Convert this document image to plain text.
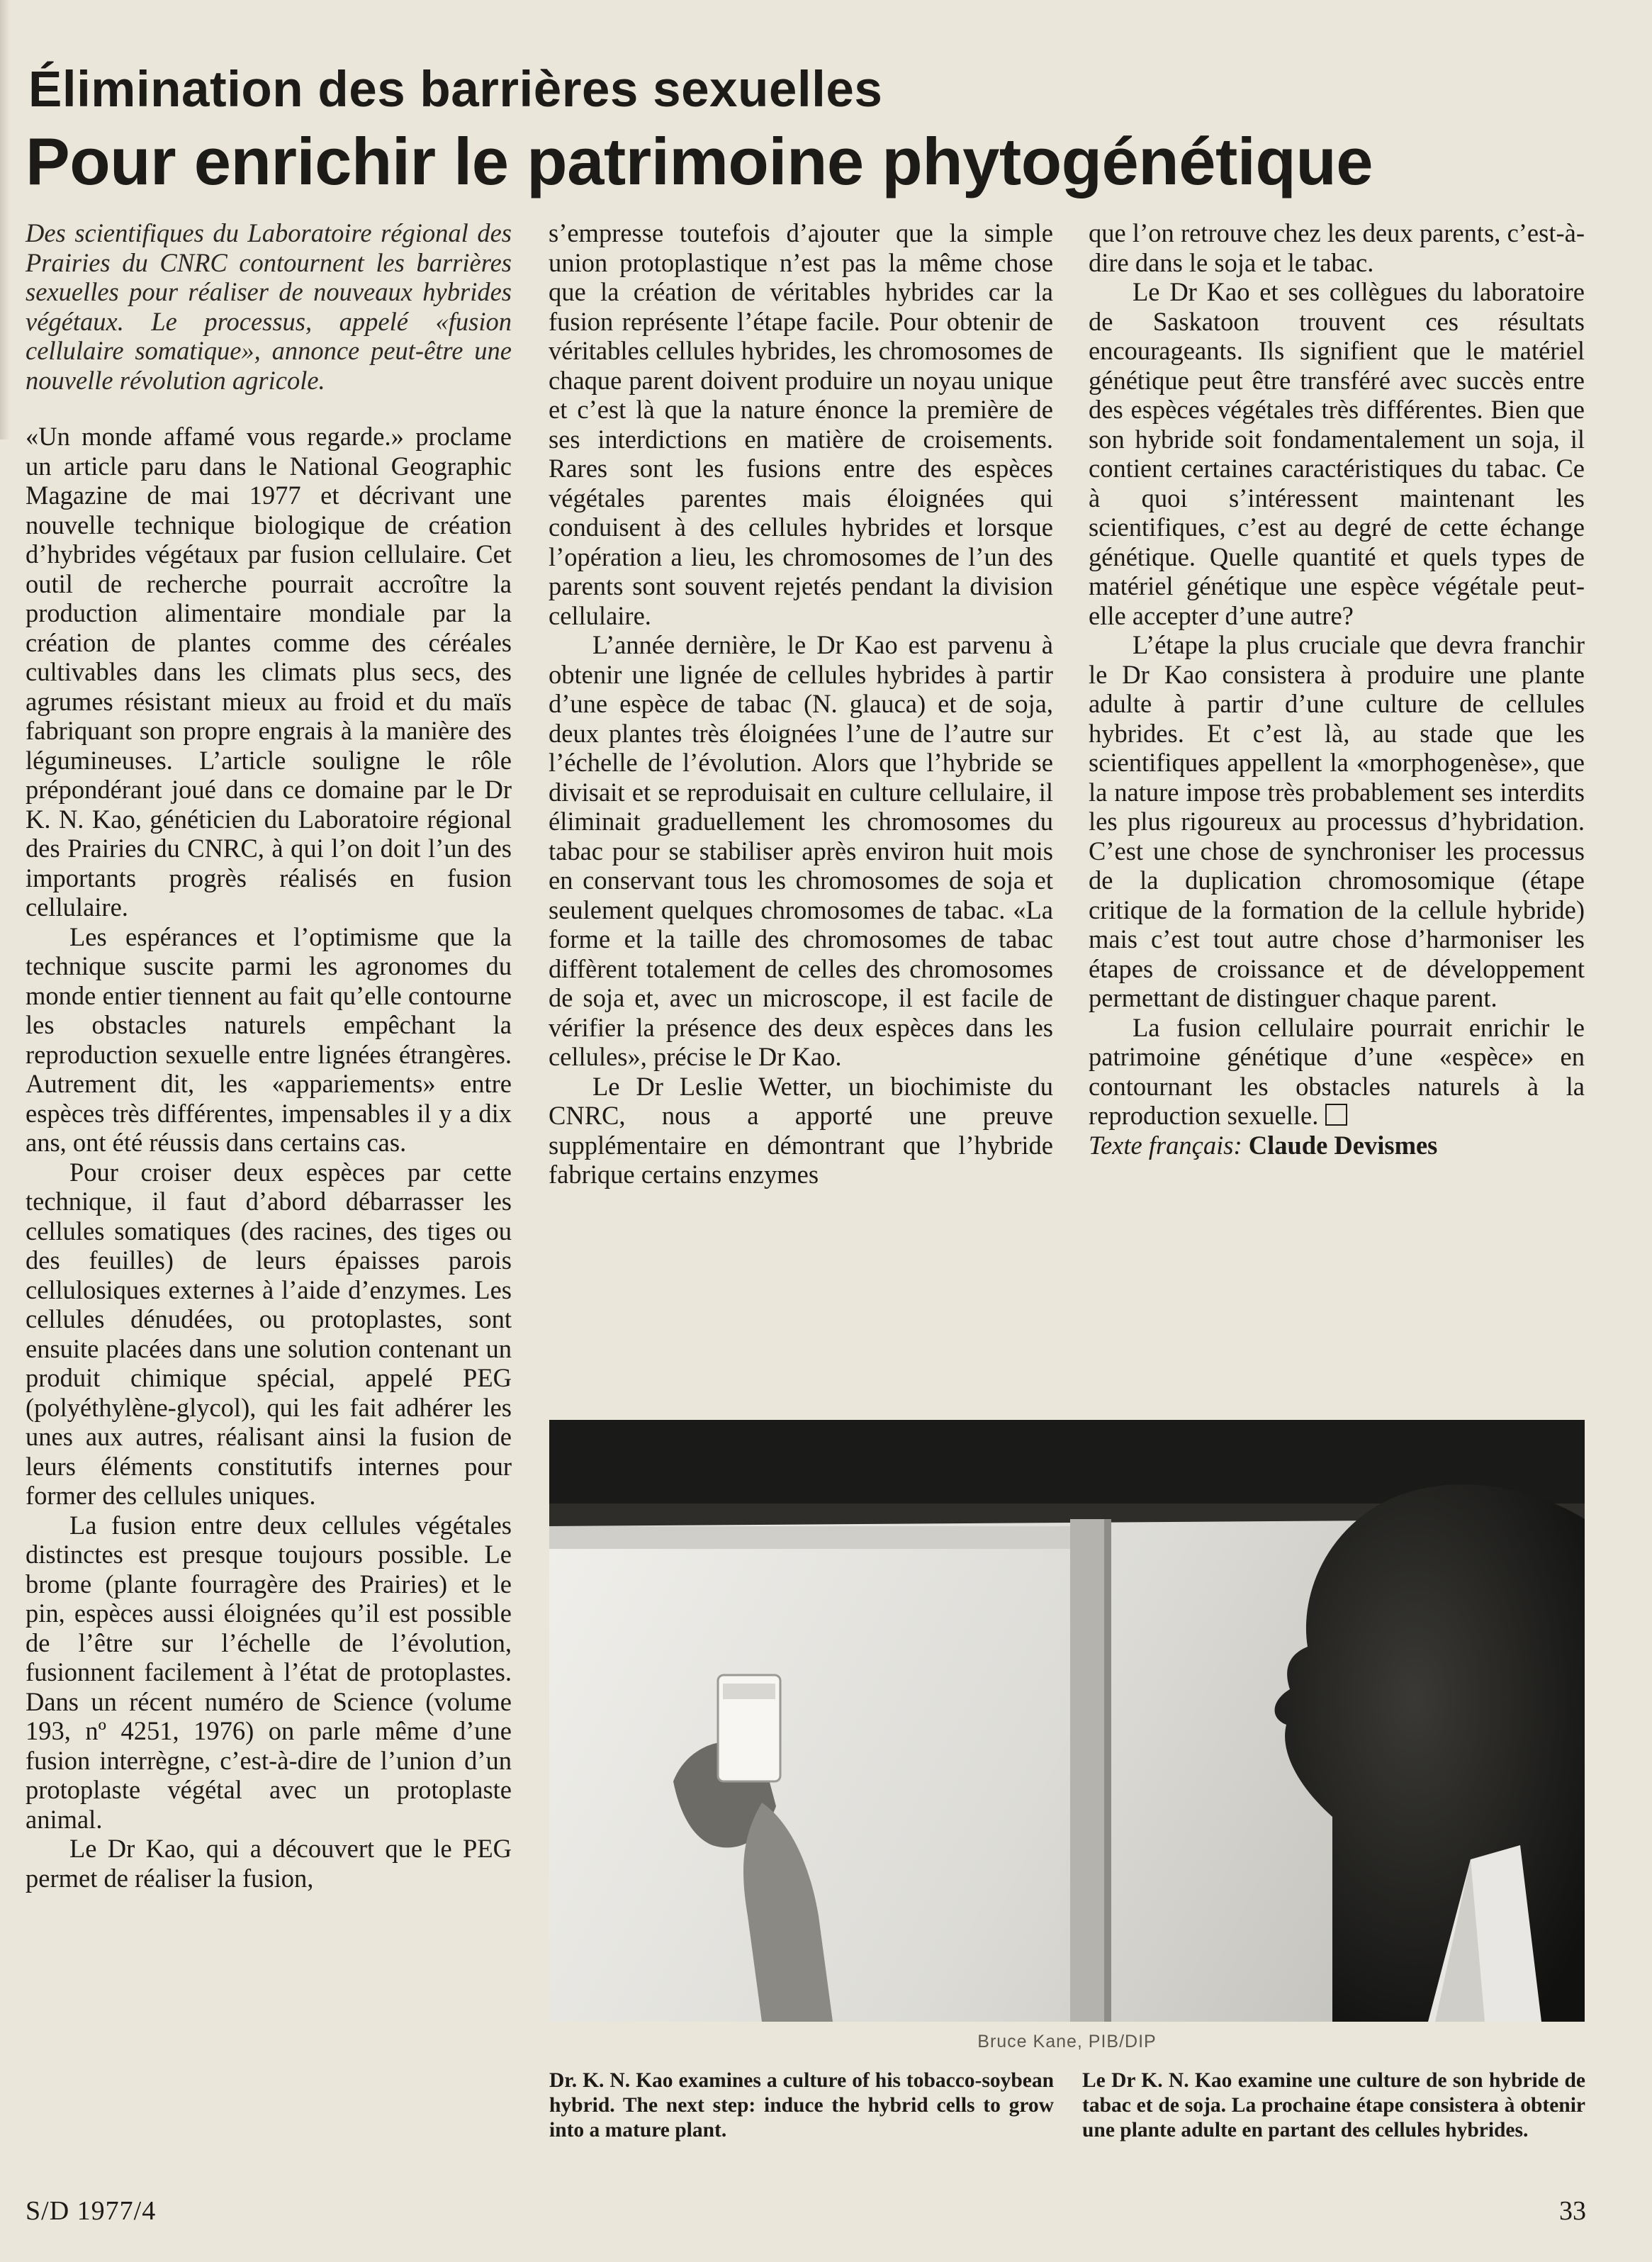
Élimination des barrières sexuelles
Pour enrichir le patrimoine phytogénétique

Des scientifiques du Laboratoire régional des Prairies du CNRC contournent les barrières sexuelles pour réaliser de nouveaux hybrides végétaux. Le processus, appelé «fusion cellulaire somatique», annonce peut-être une nouvelle révolution agricole.

«Un monde affamé vous regarde.» proclame un article paru dans le National Geographic Magazine de mai 1977 et décrivant une nouvelle technique biologique de création d’hybrides végétaux par fusion cellulaire. Cet outil de recherche pourrait accroître la production alimentaire mondiale par la création de plantes comme des céréales cultivables dans les climats plus secs, des agrumes résistant mieux au froid et du maïs fabriquant son propre engrais à la manière des légumineuses. L’article souligne le rôle prépondérant joué dans ce domaine par le Dr K. N. Kao, généticien du Laboratoire régional des Prairies du CNRC, à qui l’on doit l’un des importants progrès réalisés en fusion cellulaire.

Les espérances et l’optimisme que la technique suscite parmi les agronomes du monde entier tiennent au fait qu’elle contourne les obstacles naturels empêchant la reproduction sexuelle entre lignées étrangères. Autrement dit, les «appariements» entre espèces très différentes, impensables il y a dix ans, ont été réussis dans certains cas.

Pour croiser deux espèces par cette technique, il faut d’abord débarrasser les cellules somatiques (des racines, des tiges ou des feuilles) de leurs épaisses parois cellulosiques externes à l’aide d’enzymes. Les cellules dénudées, ou protoplastes, sont ensuite placées dans une solution contenant un produit chimique spécial, appelé PEG (polyéthylène-glycol), qui les fait adhérer les unes aux autres, réalisant ainsi la fusion de leurs éléments constitutifs internes pour former des cellules uniques.

La fusion entre deux cellules végétales distinctes est presque toujours possible. Le brome (plante fourragère des Prairies) et le pin, espèces aussi éloignées qu’il est possible de l’être sur l’échelle de l’évolution, fusionnent facilement à l’état de protoplastes. Dans un récent numéro de Science (volume 193, nº 4251, 1976) on parle même d’une fusion interrègne, c’est-à-dire de l’union d’un protoplaste végétal avec un protoplaste animal.

Le Dr Kao, qui a découvert que le PEG permet de réaliser la fusion,

s’empresse toutefois d’ajouter que la simple union protoplastique n’est pas la même chose que la création de véritables hybrides car la fusion représente l’étape facile. Pour obtenir de véritables cellules hybrides, les chromosomes de chaque parent doivent produire un noyau unique et c’est là que la nature énonce la première de ses interdictions en matière de croisements. Rares sont les fusions entre des espèces végétales parentes mais éloignées qui conduisent à des cellules hybrides et lorsque l’opération a lieu, les chromosomes de l’un des parents sont souvent rejetés pendant la division cellulaire.

L’année dernière, le Dr Kao est parvenu à obtenir une lignée de cellules hybrides à partir d’une espèce de tabac (N. glauca) et de soja, deux plantes très éloignées l’une de l’autre sur l’échelle de l’évolution. Alors que l’hybride se divisait et se reproduisait en culture cellulaire, il éliminait graduellement les chromosomes du tabac pour se stabiliser après environ huit mois en conservant tous les chromosomes de soja et seulement quelques chromosomes de tabac. «La forme et la taille des chromosomes de tabac diffèrent totalement de celles des chromosomes de soja et, avec un microscope, il est facile de vérifier la présence des deux espèces dans les cellules», précise le Dr Kao.

Le Dr Leslie Wetter, un biochimiste du CNRC, nous a apporté une preuve supplémentaire en démontrant que l’hybride fabrique certains enzymes

que l’on retrouve chez les deux parents, c’est-à-dire dans le soja et le tabac.

Le Dr Kao et ses collègues du laboratoire de Saskatoon trouvent ces résultats encourageants. Ils signifient que le matériel génétique peut être transféré avec succès entre des espèces végétales très différentes. Bien que son hybride soit fondamentalement un soja, il contient certaines caractéristiques du tabac. Ce à quoi s’intéressent maintenant les scientifiques, c’est au degré de cette échange génétique. Quelle quantité et quels types de matériel génétique une espèce végétale peut-elle accepter d’une autre?

L’étape la plus cruciale que devra franchir le Dr Kao consistera à produire une plante adulte à partir d’une culture de cellules hybrides. Et c’est là, au stade que les scientifiques appellent la «morphogenèse», que la nature impose très probablement ses interdits les plus rigoureux au processus d’hybridation. C’est une chose de synchroniser les processus de la duplication chromosomique (étape critique de la formation de la cellule hybride) mais c’est tout autre chose d’harmoniser les étapes de croissance et de développement permettant de distinguer chaque parent.

La fusion cellulaire pourrait enrichir le patrimoine génétique d’une «espèce» en contournant les obstacles naturels à la reproduction sexuelle.

Texte français: Claude Devismes

Bruce Kane, PIB/DIP
Dr. K. N. Kao examines a culture of his tobacco-soybean hybrid. The next step: induce the hybrid cells to grow into a mature plant.
Le Dr K. N. Kao examine une culture de son hybride de tabac et de soja. La prochaine étape consistera à obtenir une plante adulte en partant des cellules hybrides.
S/D 1977/4	33
